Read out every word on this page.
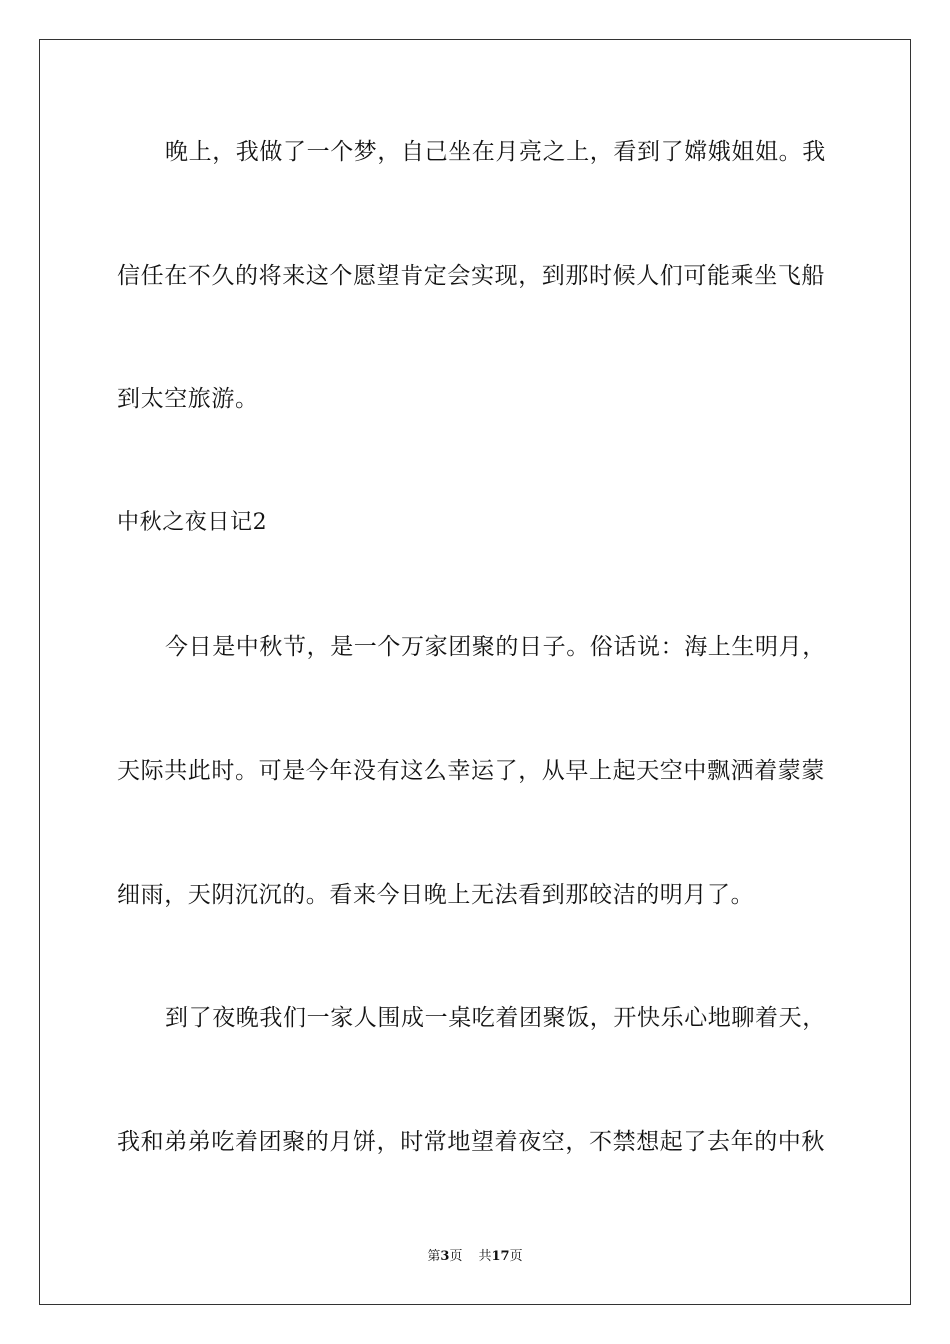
晚上，我做了一个梦，自己坐在月亮之上，看到了嫦娥姐姐。我
信任在不久的将来这个愿望肯定会实现，到那时候人们可能乘坐飞船
到太空旅游。
中秋之夜日记2
今日是中秋节，是一个万家团聚的日子。俗话说：海上生明月，
天际共此时。可是今年没有这么幸运了，从早上起天空中飘洒着蒙蒙
细雨，天阴沉沉的。看来今日晚上无法看到那皎洁的明月了。
到了夜晚我们一家人围成一桌吃着团聚饭，开快乐心地聊着天，
我和弟弟吃着团聚的月饼，时常地望着夜空，不禁想起了去年的中秋
第3页 共17页
